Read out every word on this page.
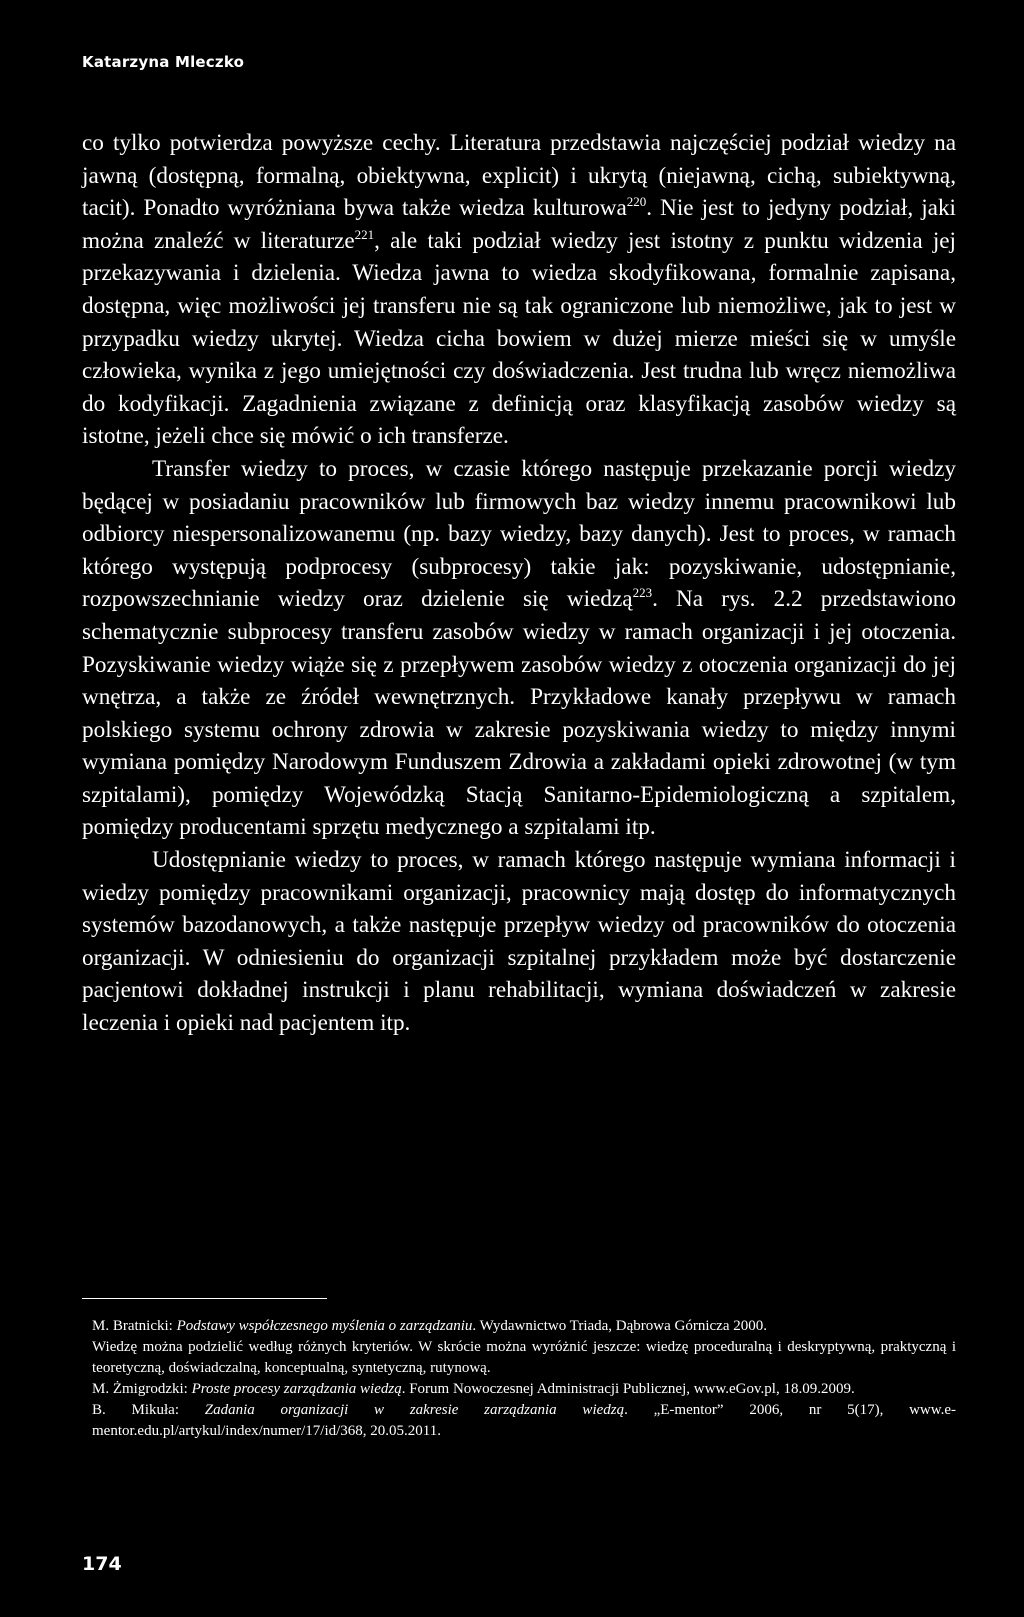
Katarzyna Mleczko

co tylko potwierdza powyższe cechy. Literatura przedstawia najczęściej podział wiedzy na jawną (dostępną, formalną, obiektywna, explicit) i ukrytą (niejawną, cichą, subiektywną, tacit). Ponadto wyróżniana bywa także wiedza kulturowa$^{220}$. Nie jest to jedyny podział, jaki można znaleźć w literaturze$^{221}$, ale taki podział wiedzy jest istotny z punktu widzenia jej przekazywania i dzielenia. Wiedza jawna to wiedza skodyfikowana, formalnie zapisana, dostępna, więc możliwości jej transferu nie są tak ograniczone lub niemożliwe, jak to jest w przypadku wiedzy ukrytej. Wiedza cicha bowiem w dużej mierze mieści się w umyśle człowieka, wynika z jego umiejętności czy doświadczenia. Jest trudna lub wręcz niemożliwa do kodyfikacji. Zagadnienia związane z definicją oraz klasyfikacją zasobów wiedzy są istotne, jeżeli chce się mówić o ich transferze.

Transfer wiedzy to proces, w czasie którego następuje przekazanie porcji wiedzy będącej w posiadaniu pracowników lub firmowych baz wiedzy innemu pracownikowi lub odbiorcy niespersonalizowanemu (np. bazy wiedzy, bazy danych). Jest to proces, w ramach którego występują podprocesy (subprocesy) takie jak: pozyskiwanie, udostępnianie, rozpowszechnianie wiedzy oraz dzielenie się wiedzą$^{223}$. Na rys. 2.2 przedstawiono schematycznie subprocesy transferu zasobów wiedzy w ramach organizacji i jej otoczenia. Pozyskiwanie wiedzy wiąże się z przepływem zasobów wiedzy z otoczenia organizacji do jej wnętrza, a także ze źródeł wewnętrznych. Przykładowe kanały przepływu w ramach polskiego systemu ochrony zdrowia w zakresie pozyskiwania wiedzy to między innymi wymiana pomiędzy Narodowym Funduszem Zdrowia a zakładami opieki zdrowotnej (w tym szpitalami), pomiędzy Wojewódzką Stacją Sanitarno-Epidemiologiczną a szpitalem, pomiędzy producentami sprzętu medycznego a szpitalami itp.

Udostępnianie wiedzy to proces, w ramach którego następuje wymiana informacji i wiedzy pomiędzy pracownikami organizacji, pracownicy mają dostęp do informatycznych systemów bazodanowych, a także następuje przepływ wiedzy od pracowników do otoczenia organizacji. W odniesieniu do organizacji szpitalnej przykładem może być dostarczenie pacjentowi dokładnej instrukcji i planu rehabilitacji, wymiana doświadczeń w zakresie leczenia i opieki nad pacjentem itp.

M. Bratnicki: Podstawy współczesnego myślenia o zarządzaniu. Wydawnictwo Triada, Dąbrowa Górnicza 2000.

Wiedzę można podzielić według różnych kryteriów. W skrócie można wyróżnić jeszcze: wiedzę proceduralną i deskryptywną, praktyczną i teoretyczną, doświadczalną, konceptualną, syntetyczną, rutynową.

M. Żmigrodzki: Proste procesy zarządzania wiedzą. Forum Nowoczesnej Administracji Publicznej, www.eGov.pl, 18.09.2009.

B. Mikuła: Zadania organizacji w zakresie zarządzania wiedzą. „E-mentor” 2006, nr 5(17), www.e-mentor.edu.pl/artykul/index/numer/17/id/368, 20.05.2011.

174
